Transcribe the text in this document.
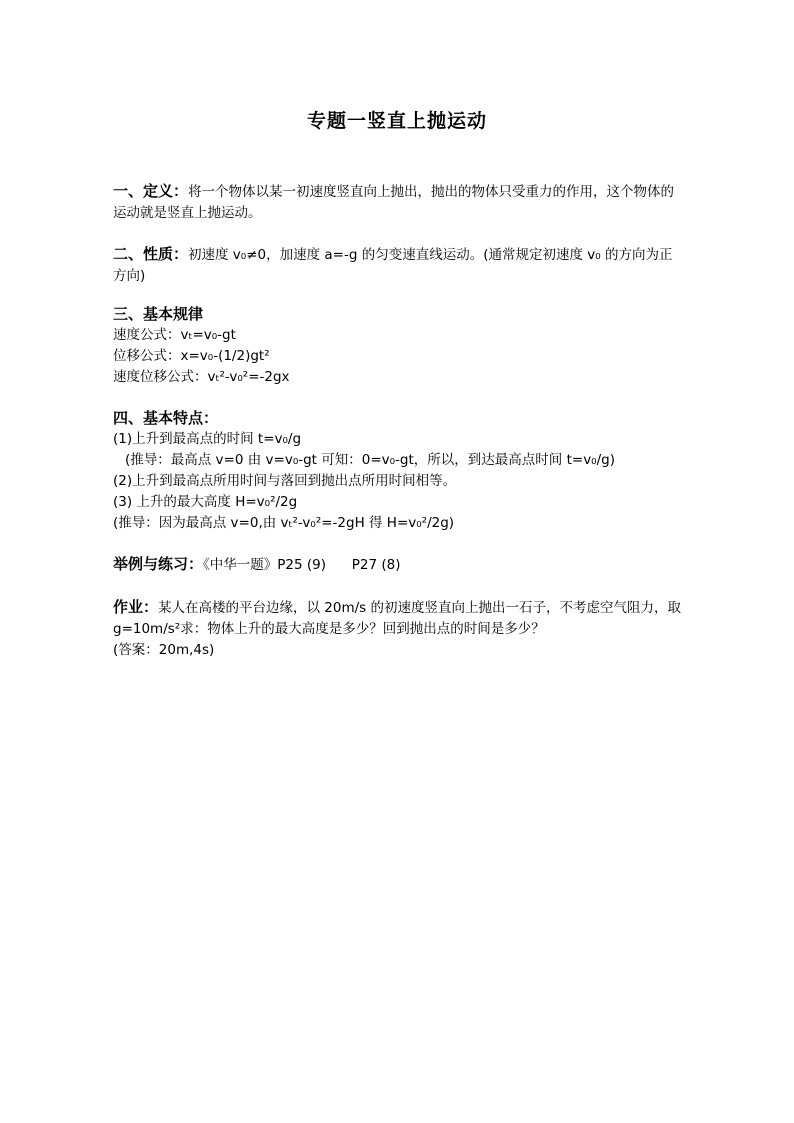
专题一竖直上抛运动
一、定义：将一个物体以某一初速度竖直向上抛出，抛出的物体只受重力的作用，这个物体的运动就是竖直上抛运动。
二、性质：初速度 v₀≠0，加速度 a=-g 的匀变速直线运动。(通常规定初速度 v₀ 的方向为正方向)
三、基本规律
速度公式：vₜ=v₀-gt
位移公式：x=v₀-(1/2)gt²
速度位移公式：vₜ²-v₀²=-2gx
四、基本特点：
(1)上升到最高点的时间 t=v₀/g
(推导：最高点 v=0 由 v=v₀-gt 可知：0=v₀-gt，所以，到达最高点时间 t=v₀/g)
(2)上升到最高点所用时间与落回到抛出点所用时间相等。
(3) 上升的最大高度 H=v₀²/2g
(推导：因为最高点 v=0,由 vₜ²-v₀²=-2gH 得 H=v₀²/2g)
举例与练习：《中华一题》P25 (9)      P27 (8)
作业：某人在高楼的平台边缘，以 20m/s 的初速度竖直向上抛出一石子，不考虑空气阻力，取 g=10m/s²求：物体上升的最大高度是多少？回到抛出点的时间是多少？
(答案：20m,4s)
